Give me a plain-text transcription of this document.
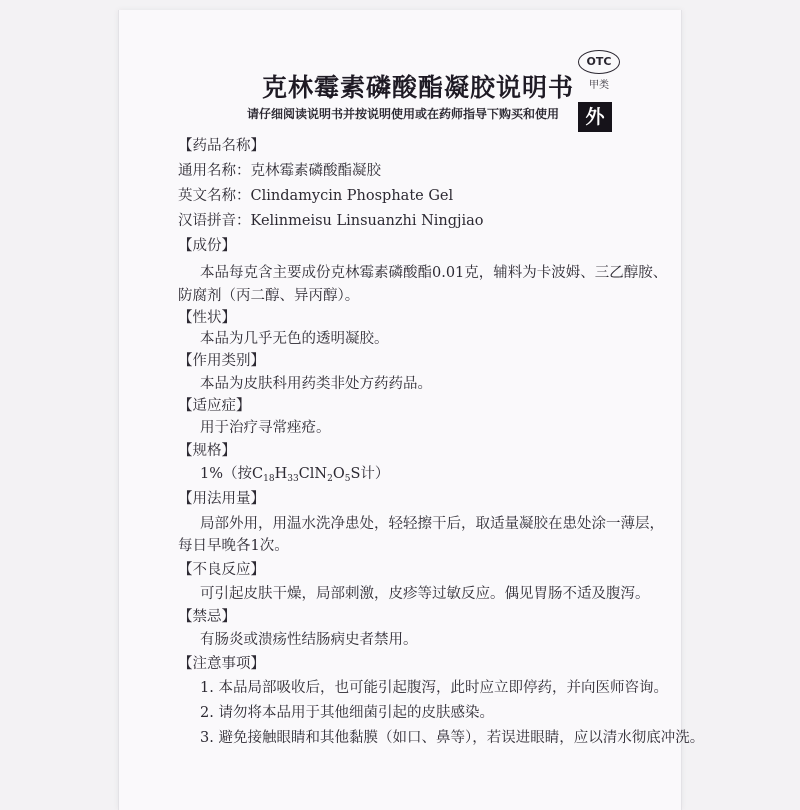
克林霉素磷酸酯凝胶说明书
请仔细阅读说明书并按说明使用或在药师指导下购买和使用
OTC
甲类
外
【药品名称】
通用名称：克林霉素磷酸酯凝胶
英文名称：Clindamycin Phosphate Gel
汉语拼音：Kelinmeisu Linsuanzhi Ningjiao
【成份】
本品每克含主要成份克林霉素磷酸酯0.01克，辅料为卡波姆、三乙醇胺、
防腐剂（丙二醇、异丙醇）。
【性状】
本品为几乎无色的透明凝胶。
【作用类别】
本品为皮肤科用药类非处方药药品。
【适应症】
用于治疗寻常痤疮。
【规格】
1%（按$C_{18}H_{33}ClN_2O_5S$计）
【用法用量】
局部外用，用温水洗净患处，轻轻擦干后，取适量凝胶在患处涂一薄层，
每日早晚各1次。
【不良反应】
可引起皮肤干燥，局部刺激，皮疹等过敏反应。偶见胃肠不适及腹泻。
【禁忌】
有肠炎或溃疡性结肠病史者禁用。
【注意事项】
1. 本品局部吸收后，也可能引起腹泻，此时应立即停药，并向医师咨询。
2. 请勿将本品用于其他细菌引起的皮肤感染。
3. 避免接触眼睛和其他黏膜（如口、鼻等），若误进眼睛，应以清水彻底冲洗。
